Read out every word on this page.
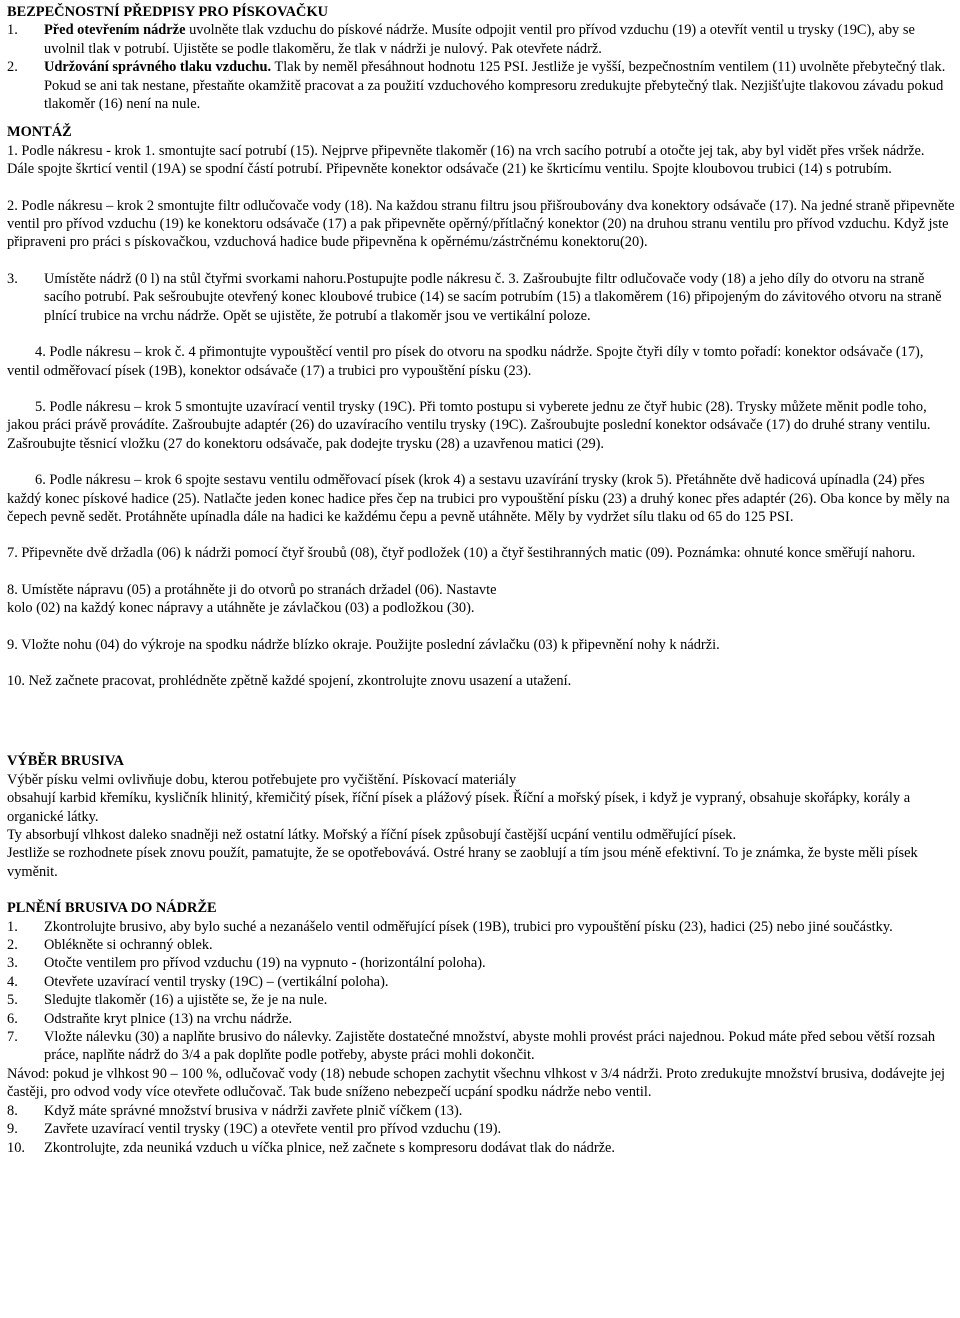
BEZPEČNOSTNÍ PŘEDPISY PRO PÍSKOVAČKU

1.	Před otevřením nádrže uvolněte tlak vzduchu do pískové nádrže. Musíte odpojit ventil pro přívod vzduchu (19) a otevřít ventil u trysky (19C), aby se uvolnil tlak v potrubí. Ujistěte se podle tlakoměru, že tlak v nádrži je nulový. Pak otevřete nádrž.
2.	Udržování správného tlaku vzduchu. Tlak by neměl přesáhnout hodnotu 125 PSI. Jestliže je vyšší, bezpečnostním ventilem (11) uvolněte přebytečný tlak. Pokud se ani tak nestane, přestaňte okamžitě pracovat a za použití vzduchového kompresoru zredukujte přebytečný tlak. Nezjišťujte tlakovou závadu pokud tlakoměr (16) není na nule.

MONTÁŽ

1. Podle nákresu - krok 1. smontujte sací potrubí (15). Nejprve připevněte tlakoměr (16) na vrch sacího potrubí a otočte jej tak, aby byl vidět přes vršek nádrže. Dále spojte škrticí ventil (19A) se spodní částí potrubí. Připevněte konektor odsávače (21) ke škrticímu ventilu. Spojte kloubovou trubici (14) s potrubím.

2. Podle nákresu – krok 2 smontujte filtr odlučovače vody (18). Na každou stranu filtru jsou přišroubovány dva konektory odsávače (17). Na jedné straně připevněte ventil pro přívod vzduchu (19) ke konektoru odsávače (17) a pak připevněte opěrný/přítlačný konektor (20) na druhou stranu ventilu pro přívod vzduchu. Když jste připraveni pro práci s pískovačkou, vzduchová hadice bude připevněna k opěrnému/zástrčnému konektoru(20).

3.	Umístěte nádrž (0 l) na stůl čtyřmi svorkami nahoru.Postupujte podle nákresu č. 3. Zašroubujte filtr odlučovače vody (18) a jeho díly do otvoru na straně sacího potrubí. Pak sešroubujte otevřený konec kloubové trubice (14) se sacím potrubím (15) a tlakoměrem (16) připojeným do závitového otvoru na straně plnící trubice na vrchu nádrže. Opět se ujistěte, že potrubí a tlakoměr jsou ve vertikální poloze.

4. Podle nákresu – krok č. 4 přimontujte vypouštěcí ventil pro písek do otvoru na spodku nádrže. Spojte čtyři díly v tomto pořadí: konektor odsávače (17), ventil odměřovací písek (19B), konektor odsávače (17) a trubici pro vypouštění písku (23).

5. Podle nákresu – krok 5 smontujte uzavírací ventil trysky (19C). Při tomto postupu si vyberete jednu ze čtyř hubic (28). Trysky můžete měnit podle toho, jakou práci právě provádíte. Zašroubujte adaptér (26) do uzavíracího ventilu trysky (19C). Zašroubujte poslední konektor odsávače (17) do druhé strany ventilu. Zašroubujte těsnicí vložku (27 do konektoru odsávače, pak dodejte trysku (28) a uzavřenou matici (29).

6. Podle nákresu – krok 6 spojte sestavu ventilu odměřovací písek (krok 4) a sestavu uzavírání trysky (krok 5). Přetáhněte dvě hadicová upínadla (24) přes každý konec pískové hadice (25). Natlačte jeden konec hadice přes čep na trubici pro vypouštění písku (23) a druhý konec přes adaptér (26). Oba konce by měly na čepech pevně sedět. Protáhněte upínadla dále na hadici ke každému čepu a pevně utáhněte. Měly by vydržet sílu tlaku od 65 do 125 PSI.

7. Připevněte dvě držadla (06) k nádrži pomocí čtyř šroubů (08), čtyř podložek (10) a čtyř šestihranných matic (09). Poznámka: ohnuté konce směřují nahoru.

8. Umístěte nápravu (05) a protáhněte ji do otvorů po stranách držadel (06). Nastavte

kolo (02) na každý konec nápravy a utáhněte je závlačkou (03) a podložkou (30).

9. Vložte nohu (04) do výkroje na spodku nádrže blízko okraje. Použijte poslední závlačku (03) k připevnění nohy k nádrži.

10. Než začnete pracovat, prohlédněte zpětně každé spojení, zkontrolujte znovu usazení a utažení.

VÝBĚR BRUSIVA

Výběr písku velmi ovlivňuje dobu, kterou potřebujete pro vyčištění. Pískovací materiály

obsahují karbid křemíku, kysličník hlinitý, křemičitý písek, říční písek a plážový písek. Říční a mořský písek, i když je vypraný, obsahuje skořápky, korály a organické látky.

Ty absorbují vlhkost daleko snadněji než ostatní látky. Mořský a říční písek způsobují častější ucpání ventilu odměřující písek.

Jestliže se rozhodnete písek znovu použít, pamatujte, že se opotřebovává. Ostré hrany se zaoblují a tím jsou méně efektivní. To je známka, že byste měli písek vyměnit.

PLNĚNÍ BRUSIVA DO NÁDRŽE

1.	Zkontrolujte brusivo, aby bylo suché a nezanášelo ventil odměřující písek (19B), trubici pro vypouštění písku (23), hadici (25) nebo jiné součástky.
2.	Oblékněte si ochranný oblek.
3.	Otočte ventilem pro přívod vzduchu (19) na vypnuto - (horizontální poloha).
4.	Otevřete uzavírací ventil trysky (19C) – (vertikální poloha).
5.	Sledujte tlakoměr (16) a ujistěte se, že je na nule.
6.	Odstraňte kryt plnice (13) na vrchu nádrže.
7.	Vložte nálevku (30) a naplňte brusivo do nálevky. Zajistěte dostatečné množství, abyste mohli provést práci najednou. Pokud máte před sebou větší rozsah práce, naplňte nádrž do 3/4 a pak doplňte podle potřeby, abyste práci mohli dokončit.

Návod: pokud je vlhkost 90 – 100 %, odlučovač vody (18) nebude schopen zachytit všechnu vlhkost v 3/4 nádrži. Proto zredukujte množství brusiva, dodávejte jej častěji, pro odvod vody více otevřete odlučovač. Tak bude sníženo nebezpečí ucpání spodku nádrže nebo ventil.

8.	Když máte správné množství brusiva v nádrži zavřete plnič víčkem (13).
9.	Zavřete uzavírací ventil trysky (19C) a otevřete ventil pro přívod vzduchu (19).
10.	Zkontrolujte, zda neuniká vzduch u víčka plnice, než začnete s kompresoru dodávat tlak do nádrže.
